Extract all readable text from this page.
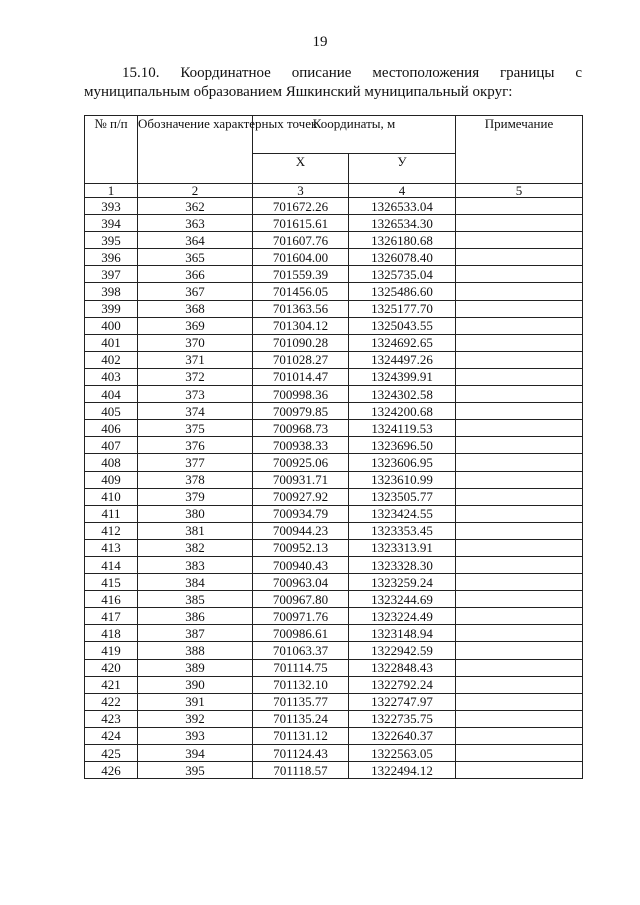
19
15.10. Координатное описание местоположения границы с
муниципальным образованием Яшкинский муниципальный округ:
№ п/п	Обозначение характерных точек	Координаты, м		Примечание
		Х	У	
1	2	3	4	5
393	362	701672.26	1326533.04	
394	363	701615.61	1326534.30	
395	364	701607.76	1326180.68	
396	365	701604.00	1326078.40	
397	366	701559.39	1325735.04	
398	367	701456.05	1325486.60	
399	368	701363.56	1325177.70	
400	369	701304.12	1325043.55	
401	370	701090.28	1324692.65	
402	371	701028.27	1324497.26	
403	372	701014.47	1324399.91	
404	373	700998.36	1324302.58	
405	374	700979.85	1324200.68	
406	375	700968.73	1324119.53	
407	376	700938.33	1323696.50	
408	377	700925.06	1323606.95	
409	378	700931.71	1323610.99	
410	379	700927.92	1323505.77	
411	380	700934.79	1323424.55	
412	381	700944.23	1323353.45	
413	382	700952.13	1323313.91	
414	383	700940.43	1323328.30	
415	384	700963.04	1323259.24	
416	385	700967.80	1323244.69	
417	386	700971.76	1323224.49	
418	387	700986.61	1323148.94	
419	388	701063.37	1322942.59	
420	389	701114.75	1322848.43	
421	390	701132.10	1322792.24	
422	391	701135.77	1322747.97	
423	392	701135.24	1322735.75	
424	393	701131.12	1322640.37	
425	394	701124.43	1322563.05	
426	395	701118.57	1322494.12	
